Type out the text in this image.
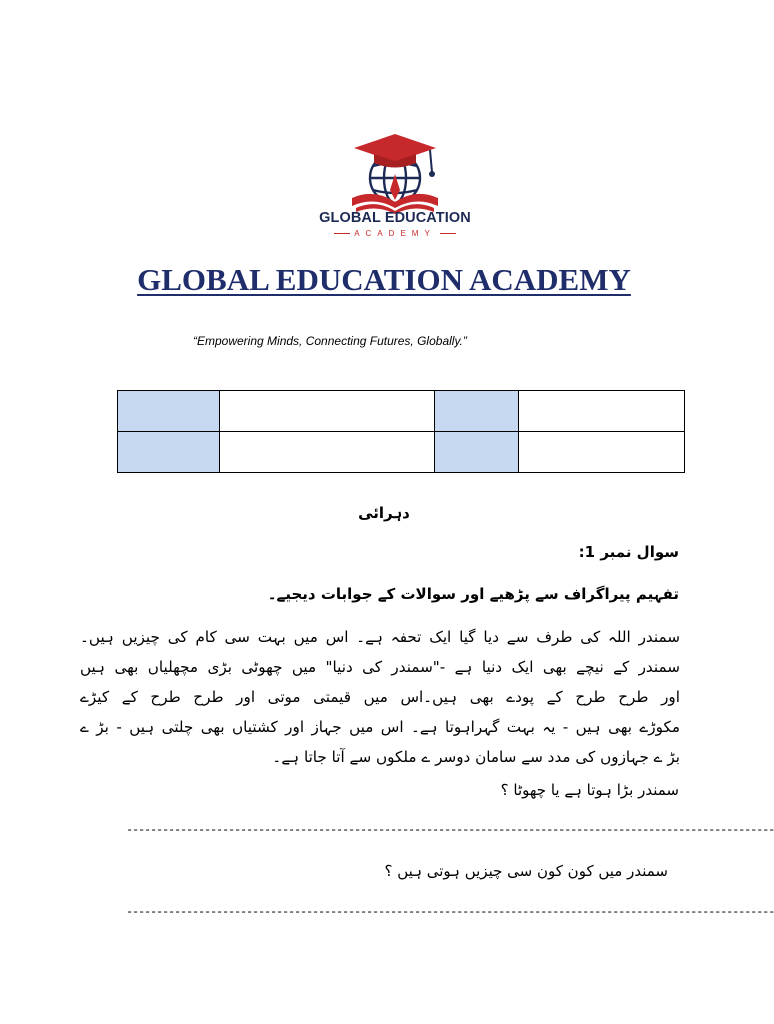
GLOBAL EDUCATION
ACADEMY
GLOBAL EDUCATION ACADEMY
“Empowering Minds, Connecting Futures, Globally.”

دہرائی
سوال نمبر 1:
تفہیم پیراگراف سے پڑھیے اور سوالات کے جوابات دیجیے۔
سمندر اللہ کی طرف سے دیا گیا ایک تحفہ ہے۔ اس میں بہت سی کام کی چیزیں ہیں۔
سمندر کے نیچے بھی ایک دنیا ہے -"سمندر کی دنیا" میں چھوٹی بڑی مچھلیاں بھی ہیں
اور طرح طرح کے پودے بھی ہیں۔اس میں قیمتی موتی اور طرح طرح کے کیڑے
مکوڑے بھی ہیں - یہ بہت گہراہوتا ہے۔ اس میں جہاز اور کشتیاں بھی چلتی ہیں - بڑ ے
بڑ ے جہازوں کی مدد سے سامان دوسر ے ملکوں سے آتا جاتا ہے۔
سمندر بڑا ہوتا ہے یا چھوٹا ؟
------------------------------------------------------------------------------------------------------------
سمندر میں کون کون سی چیزیں ہوتی ہیں ؟
------------------------------------------------------------------------------------------------------------
